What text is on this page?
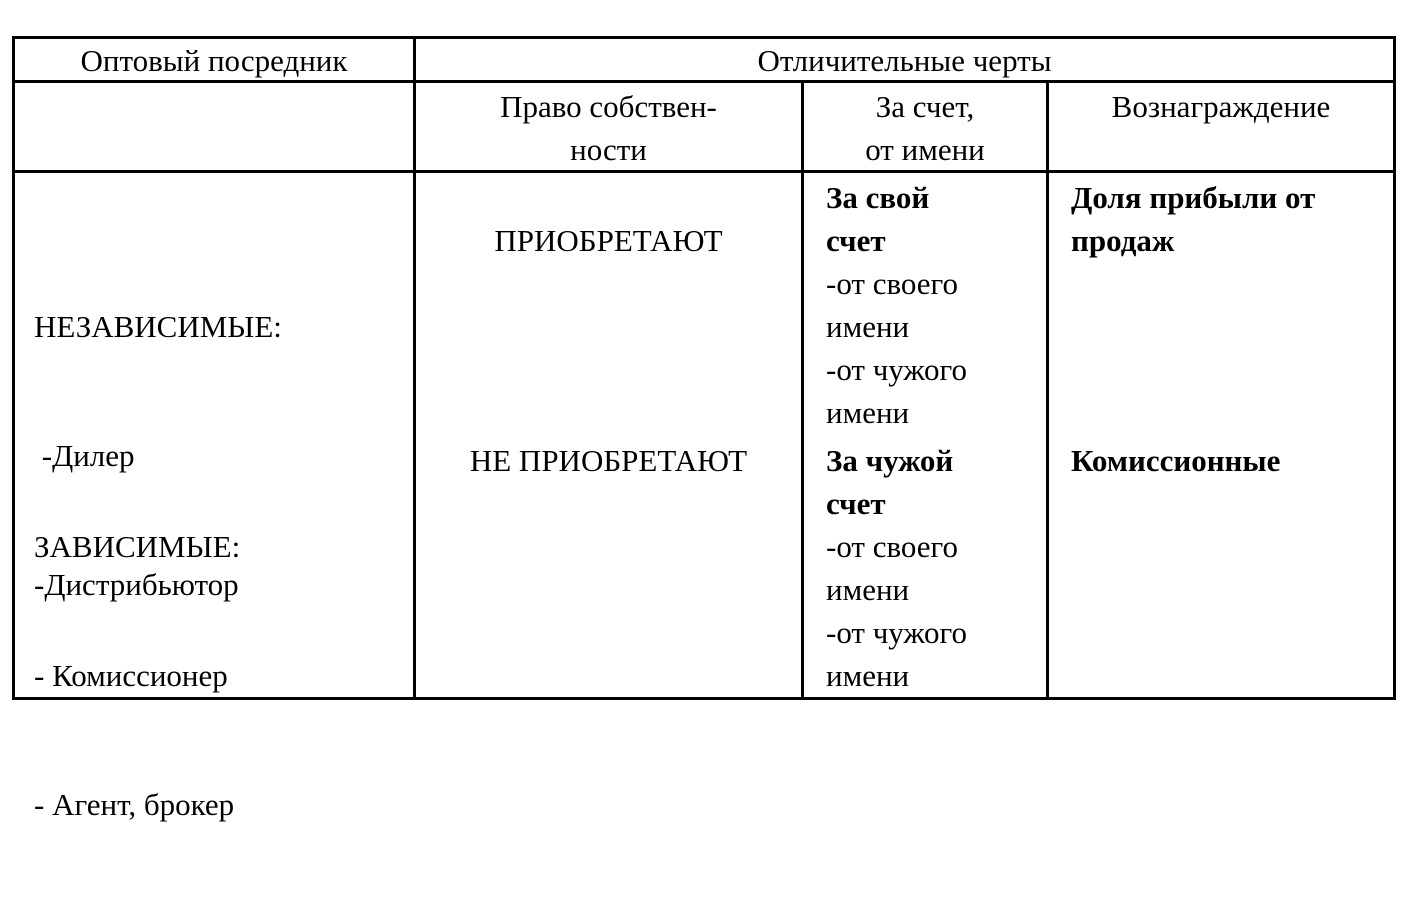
Оптовый посредник	Отличительные черты
Право собствен-
ности
За счет,
от имени
Вознаграждение

НЕЗАВИСИМЫЕ:

-Дилер

-Дистрибьютор

ПРИОБРЕТАЮТ
За свой
счет
-от своего
имени
-от чужого
имени
Доля прибыли от
продаж

ЗАВИСИМЫЕ:

- Комиссионер

- Агент, брокер

НЕ ПРИОБРЕТАЮТ	За чужой
счет
-от своего
имени
-от чужого
имени
Комиссионные
